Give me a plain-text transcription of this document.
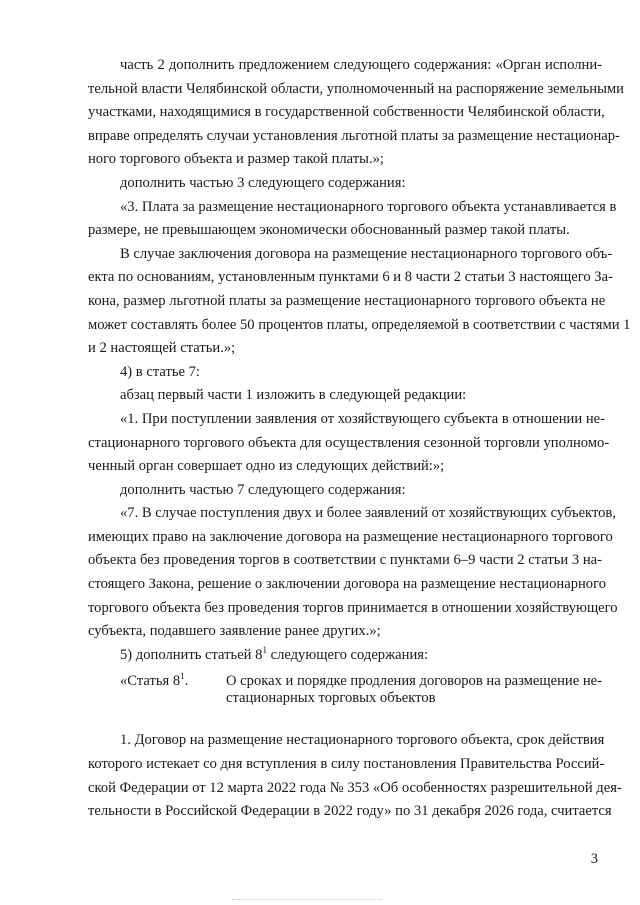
часть 2 дополнить предложением следующего содержания: «Орган исполни-
тельной власти Челябинской области, уполномоченный на распоряжение земельными
участками, находящимися в государственной собственности Челябинской области,
вправе определять случаи установления льготной платы за размещение нестационар-
ного торгового объекта и размер такой платы.»;
дополнить частью 3 следующего содержания:
«3. Плата за размещение нестационарного торгового объекта устанавливается в
размере, не превышающем экономически обоснованный размер такой платы.
В случае заключения договора на размещение нестационарного торгового объ-
екта по основаниям, установленным пунктами 6 и 8 части 2 статьи 3 настоящего За-
кона, размер льготной платы за размещение нестационарного торгового объекта не
может составлять более 50 процентов платы, определяемой в соответствии с частями 1
и 2 настоящей статьи.»;
4) в статье 7:
абзац первый части 1 изложить в следующей редакции:
«1. При поступлении заявления от хозяйствующего субъекта в отношении не-
стационарного торгового объекта для осуществления сезонной торговли уполномо-
ченный орган совершает одно из следующих действий:»;
дополнить частью 7 следующего содержания:
«7. В случае поступления двух и более заявлений от хозяйствующих субъектов,
имеющих право на заключение договора на размещение нестационарного торгового
объекта без проведения торгов в соответствии с пунктами 6–9 части 2 статьи 3 на-
стоящего Закона, решение о заключении договора на размещение нестационарного
торгового объекта без проведения торгов принимается в отношении хозяйствующего
субъекта, подавшего заявление ранее других.»;
5) дополнить статьей $8^1$ следующего содержания:
«Статья $8^1$.	О сроках и порядке продления договоров на размещение не-
стационарных торговых объектов
1. Договор на размещение нестационарного торгового объекта, срок действия
которого истекает со дня вступления в силу постановления Правительства Россий-
ской Федерации от 12 марта 2022 года № 353 «Об особенностях разрешительной дея-
тельности в Российской Федерации в 2022 году» по 31 декабря 2026 года, считается
3
